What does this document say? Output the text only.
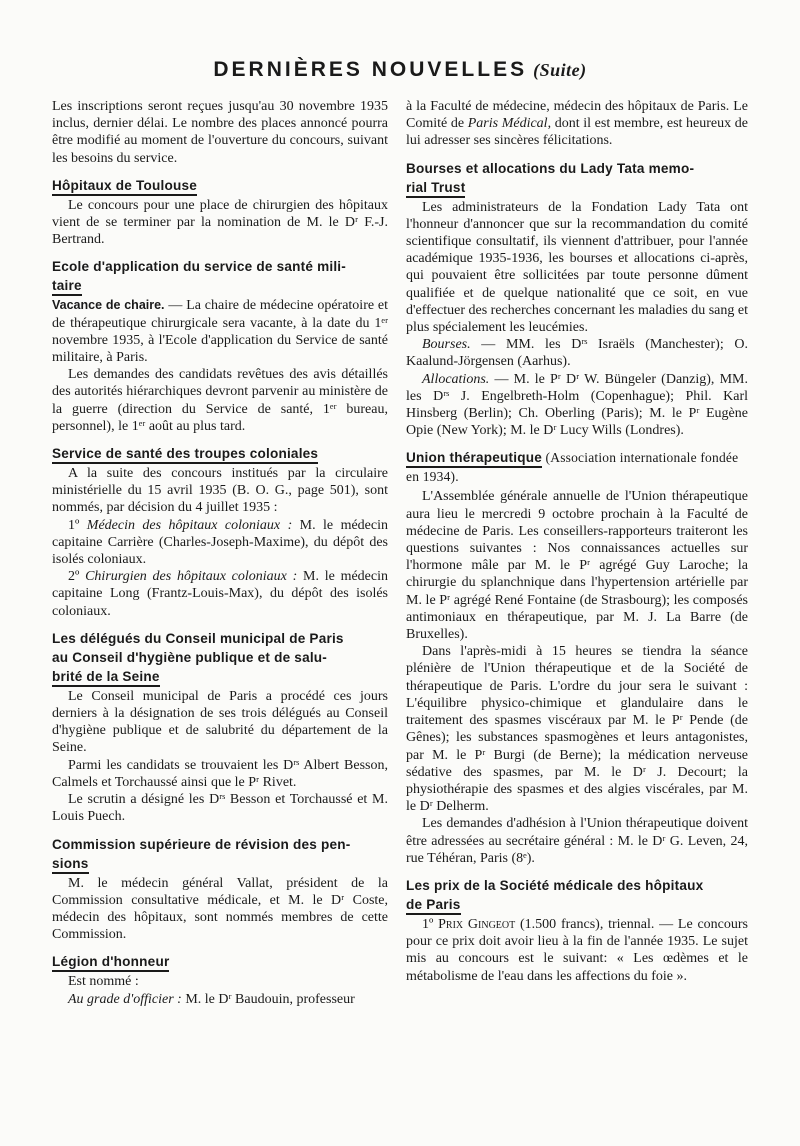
DERNIÈRES NOUVELLES (Suite)

Les inscriptions seront reçues jusqu'au 30 novembre 1935 inclus, dernier délai. Le nombre des places annoncé pourra être modifié au moment de l'ouverture du concours, suivant les besoins du service.

Hôpitaux de Toulouse

Le concours pour une place de chirurgien des hôpitaux vient de se terminer par la nomination de M. le Dʳ F.-J. Bertrand.

Ecole d'application du service de santé mili-
taire

Vacance de chaire. — La chaire de médecine opératoire et de thérapeutique chirurgicale sera vacante, à la date du 1ᵉʳ novembre 1935, à l'Ecole d'application du Service de santé militaire, à Paris.

Les demandes des candidats revêtues des avis détaillés des autorités hiérarchiques devront parvenir au ministère de la guerre (direction du Service de santé, 1ᵉʳ bureau, personnel), le 1ᵉʳ août au plus tard.

Service de santé des troupes coloniales

A la suite des concours institués par la circulaire ministérielle du 15 avril 1935 (B. O. G., page 501), sont nommés, par décision du 4 juillet 1935 :

1º Médecin des hôpitaux coloniaux : M. le médecin capitaine Carrière (Charles-Joseph-Maxime), du dépôt des isolés coloniaux.

2º Chirurgien des hôpitaux coloniaux : M. le médecin capitaine Long (Frantz-Louis-Max), du dépôt des isolés coloniaux.

Les délégués du Conseil municipal de Paris
au Conseil d'hygiène publique et de salu-
brité de la Seine

Le Conseil municipal de Paris a procédé ces jours derniers à la désignation de ses trois délégués au Conseil d'hygiène publique et de salubrité du département de la Seine.

Parmi les candidats se trouvaient les Dʳˢ Albert Besson, Calmels et Torchaussé ainsi que le Pʳ Rivet.

Le scrutin a désigné les Dʳˢ Besson et Torchaussé et M. Louis Puech.

Commission supérieure de révision des pen-
sions

M. le médecin général Vallat, président de la Commission consultative médicale, et M. le Dʳ Coste, médecin des hôpitaux, sont nommés membres de cette Commission.

Légion d'honneur

Est nommé :

Au grade d'officier : M. le Dʳ Baudouin, professeur

à la Faculté de médecine, médecin des hôpitaux de Paris. Le Comité de Paris Médical, dont il est membre, est heureux de lui adresser ses sincères félicitations.

Bourses et allocations du Lady Tata memo-
rial Trust

Les administrateurs de la Fondation Lady Tata ont l'honneur d'annoncer que sur la recommandation du comité scientifique consultatif, ils viennent d'attribuer, pour l'année académique 1935-1936, les bourses et allocations ci-après, qui pouvaient être sollicitées par toute personne dûment qualifiée et de quelque nationalité que ce soit, en vue d'effectuer des recherches concernant les maladies du sang et plus spécialement les leucémies.

Bourses. — MM. les Dʳˢ Israëls (Manchester); O. Kaalund-Jörgensen (Aarhus).

Allocations. — M. le Pʳ Dʳ W. Büngeler (Danzig), MM. les Dʳˢ J. Engelbreth-Holm (Copenhague); Phil. Karl Hinsberg (Berlin); Ch. Oberling (Paris); M. le Pʳ Eugène Opie (New York); M. le Dʳ Lucy Wills (Londres).

Union thérapeutique (Association internationale fondée en 1934).

L'Assemblée générale annuelle de l'Union thérapeutique aura lieu le mercredi 9 octobre prochain à la Faculté de médecine de Paris. Les conseillers-rapporteurs traiteront les questions suivantes : Nos connaissances actuelles sur l'hormone mâle par M. le Pʳ agrégé Guy Laroche; la chirurgie du splanchnique dans l'hypertension artérielle par M. le Pʳ agrégé René Fontaine (de Strasbourg); les composés antimoniaux en thérapeutique, par M. J. La Barre (de Bruxelles).

Dans l'après-midi à 15 heures se tiendra la séance plénière de l'Union thérapeutique et de la Société de thérapeutique de Paris. L'ordre du jour sera le suivant : L'équilibre physico-chimique et glandulaire dans le traitement des spasmes viscéraux par M. le Pʳ Pende (de Gênes); les substances spasmogènes et leurs antagonistes, par M. le Pʳ Burgi (de Berne); la médication nerveuse sédative des spasmes, par M. le Dʳ J. Decourt; la physiothérapie des spasmes et des algies viscérales, par M. le Dʳ Delherm.

Les demandes d'adhésion à l'Union thérapeutique doivent être adressées au secrétaire général : M. le Dʳ G. Leven, 24, rue Téhéran, Paris (8ᵉ).

Les prix de la Société médicale des hôpitaux
de Paris

1º Prix Gingeot (1.500 francs), triennal. — Le concours pour ce prix doit avoir lieu à la fin de l'année 1935. Le sujet mis au concours est le suivant: « Les œdèmes et le métabolisme de l'eau dans les affections du foie ».
